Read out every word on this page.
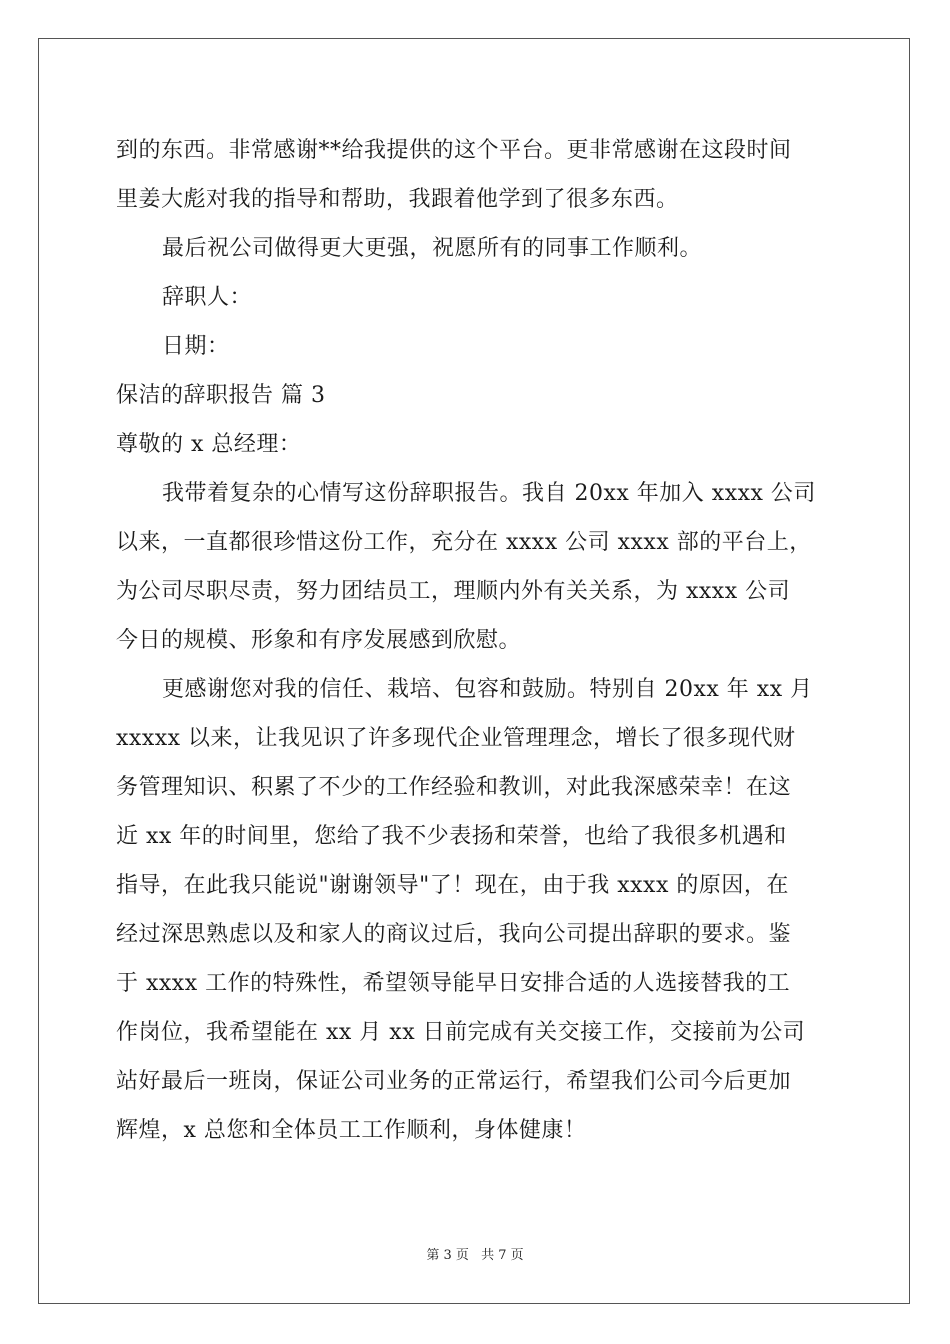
到的东西。非常感谢**给我提供的这个平台。更非常感谢在这段时间
里姜大彪对我的指导和帮助，我跟着他学到了很多东西。
最后祝公司做得更大更强，祝愿所有的同事工作顺利。
辞职人：
日期：
保洁的辞职报告 篇 3
尊敬的 x 总经理：
我带着复杂的心情写这份辞职报告。我自 20xx 年加入 xxxx 公司
以来，一直都很珍惜这份工作，充分在 xxxx 公司 xxxx 部的平台上，
为公司尽职尽责，努力团结员工，理顺内外有关关系，为 xxxx 公司
今日的规模、形象和有序发展感到欣慰。
更感谢您对我的信任、栽培、包容和鼓励。特别自 20xx 年 xx 月
xxxxx 以来，让我见识了许多现代企业管理理念，增长了很多现代财
务管理知识、积累了不少的工作经验和教训，对此我深感荣幸！在这
近 xx 年的时间里，您给了我不少表扬和荣誉，也给了我很多机遇和
指导，在此我只能说"谢谢领导"了！现在，由于我 xxxx 的原因，在
经过深思熟虑以及和家人的商议过后，我向公司提出辞职的要求。鉴
于 xxxx 工作的特殊性，希望领导能早日安排合适的人选接替我的工
作岗位，我希望能在 xx 月 xx 日前完成有关交接工作，交接前为公司
站好最后一班岗，保证公司业务的正常运行，希望我们公司今后更加
辉煌，x 总您和全体员工工作顺利，身体健康！
第 3 页 共 7 页
